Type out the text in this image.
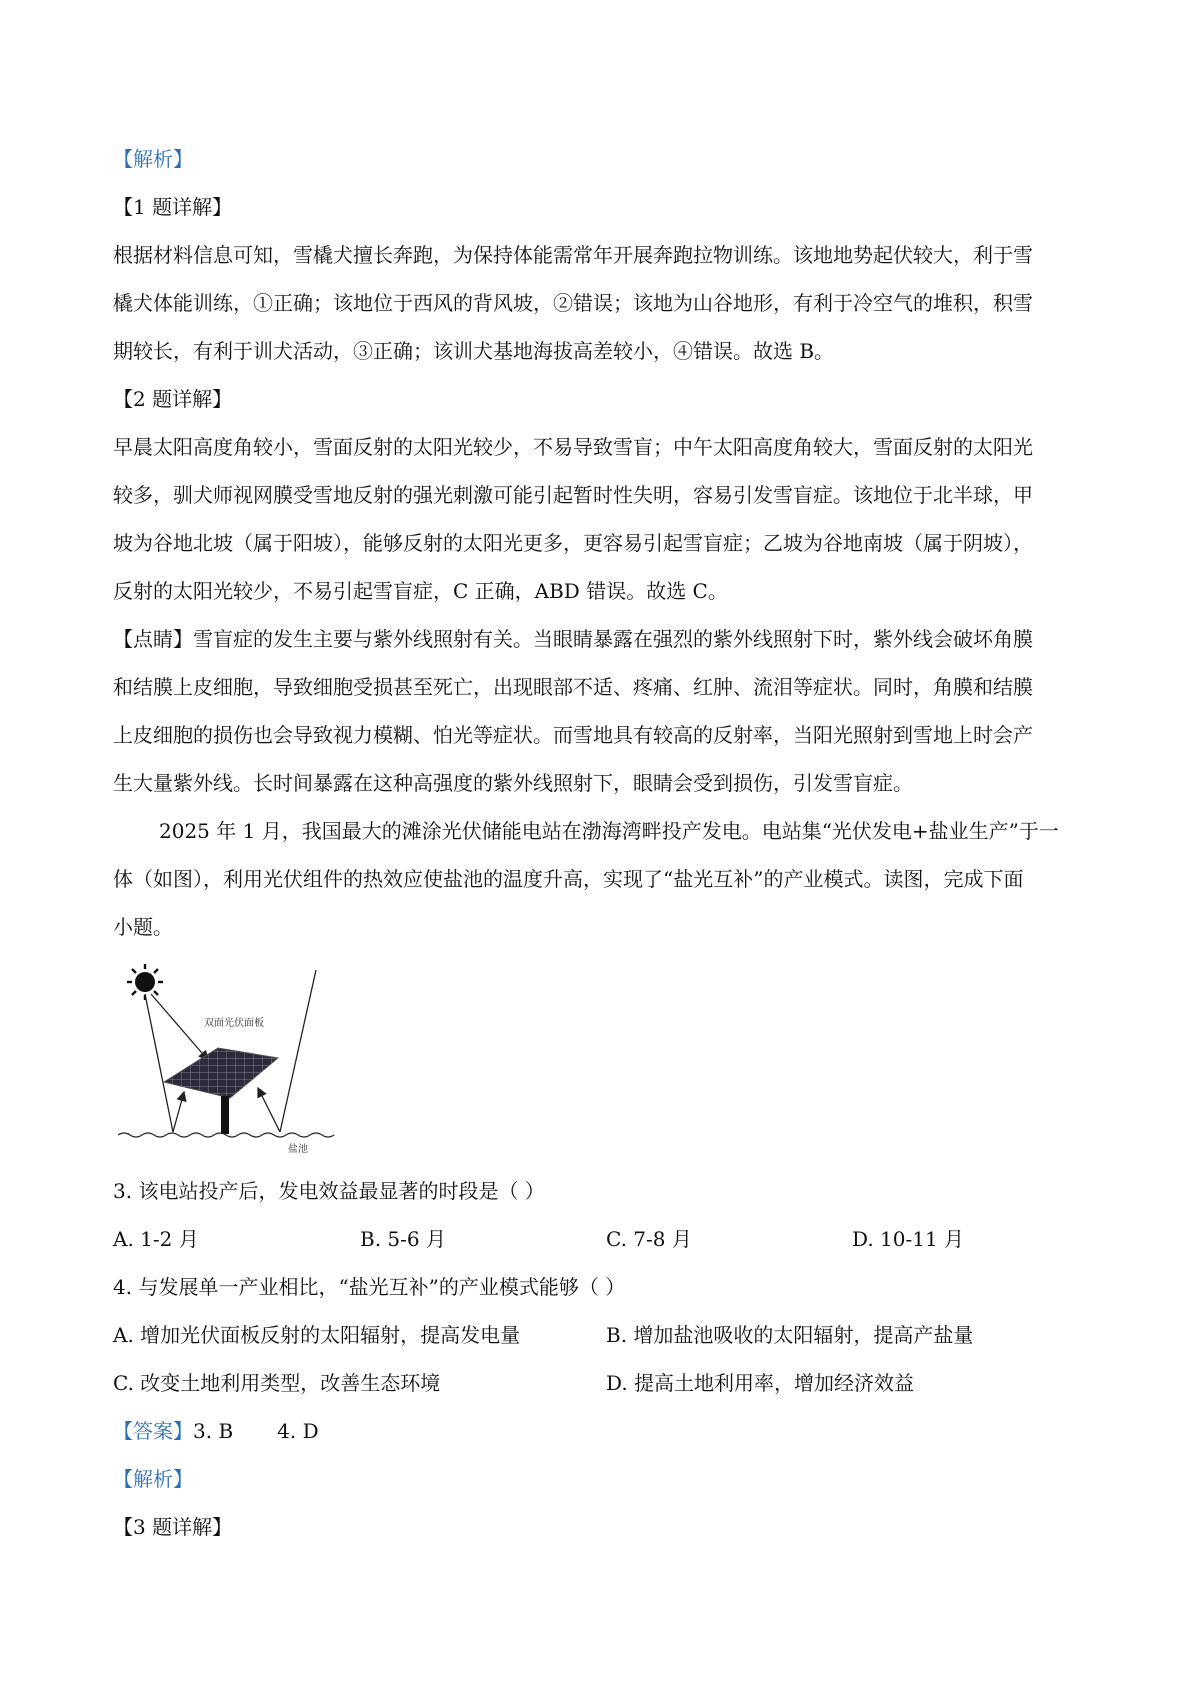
【解析】
【1 题详解】
根据材料信息可知，雪橇犬擅长奔跑，为保持体能需常年开展奔跑拉物训练。该地地势起伏较大，利于雪
橇犬体能训练，①正确；该地位于西风的背风坡，②错误；该地为山谷地形，有利于冷空气的堆积，积雪
期较长，有利于训犬活动，③正确；该训犬基地海拔高差较小，④错误。故选 B。
【2 题详解】
早晨太阳高度角较小，雪面反射的太阳光较少，不易导致雪盲；中午太阳高度角较大，雪面反射的太阳光
较多，驯犬师视网膜受雪地反射的强光刺激可能引起暂时性失明，容易引发雪盲症。该地位于北半球，甲
坡为谷地北坡（属于阳坡），能够反射的太阳光更多，更容易引起雪盲症；乙坡为谷地南坡（属于阴坡），
反射的太阳光较少，不易引起雪盲症，C 正确，ABD 错误。故选 C。
【点睛】雪盲症的发生主要与紫外线照射有关。当眼睛暴露在强烈的紫外线照射下时，紫外线会破坏角膜
和结膜上皮细胞，导致细胞受损甚至死亡，出现眼部不适、疼痛、红肿、流泪等症状。同时，角膜和结膜
上皮细胞的损伤也会导致视力模糊、怕光等症状。而雪地具有较高的反射率，当阳光照射到雪地上时会产
生大量紫外线。长时间暴露在这种高强度的紫外线照射下，眼睛会受到损伤，引发雪盲症。
2025 年 1 月，我国最大的滩涂光伏储能电站在渤海湾畔投产发电。电站集“光伏发电+盐业生产”于一
体（如图），利用光伏组件的热效应使盐池的温度升高，实现了“盐光互补”的产业模式。读图，完成下面
小题。
双面光伏面板
盐池
3. 该电站投产后，发电效益最显著的时段是（ ）
A. 1-2 月	B. 5-6 月	C. 7-8 月	D. 10-11 月
4. 与发展单一产业相比，“盐光互补”的产业模式能够（ ）
A. 增加光伏面板反射的太阳辐射，提高发电量	B. 增加盐池吸收的太阳辐射，提高产盐量
C. 改变土地利用类型，改善生态环境	D. 提高土地利用率，增加经济效益
【答案】3. B 4. D
【解析】
【3 题详解】
